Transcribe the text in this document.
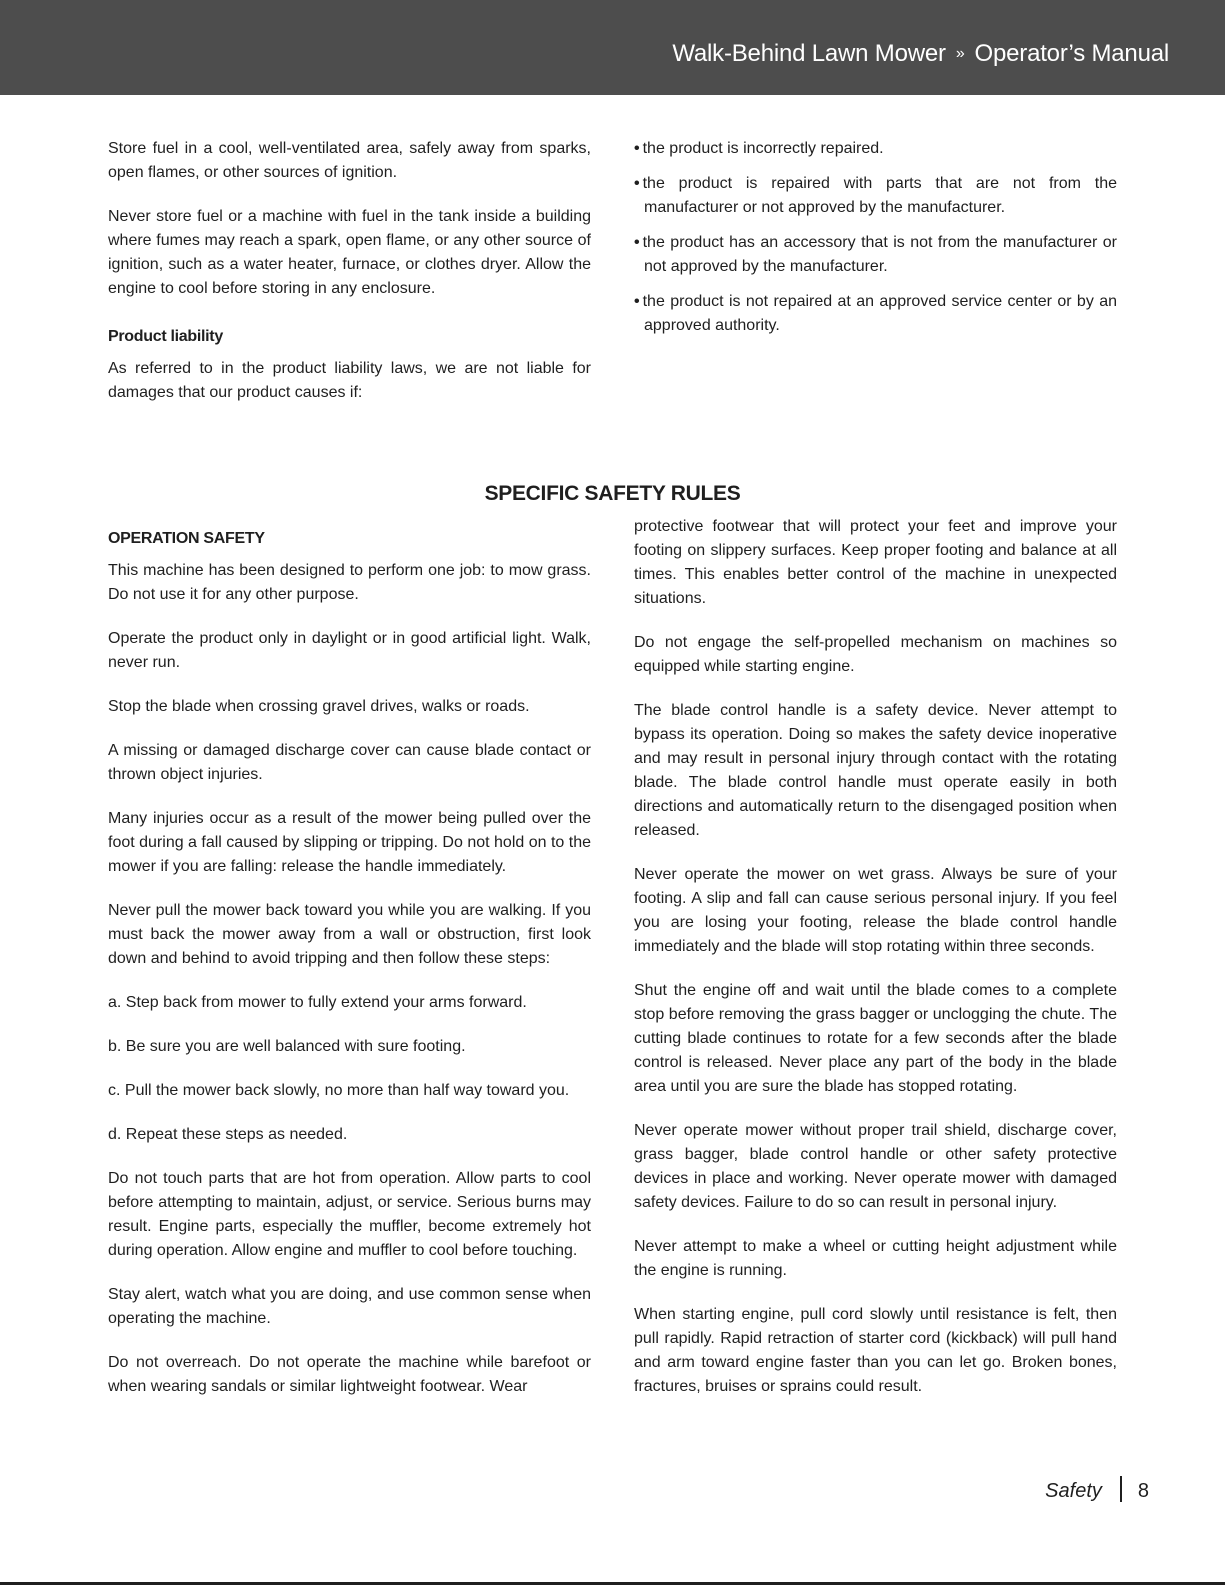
Walk-Behind Lawn Mower » Operator’s Manual

Store fuel in a cool, well-ventilated area, safely away from sparks, open flames, or other sources of ignition.

Never store fuel or a machine with fuel in the tank inside a building where fumes may reach a spark, open flame, or any other source of ignition, such as a water heater, furnace, or clothes dryer. Allow the engine to cool before storing in any enclosure.

Product liability

As referred to in the product liability laws, we are not liable for damages that our product causes if:

• the product is incorrectly repaired.
• the product is repaired with parts that are not from the manufacturer or not approved by the manufacturer.
• the product has an accessory that is not from the manufacturer or not approved by the manufacturer.
• the product is not repaired at an approved service center or by an approved authority.
SPECIFIC SAFETY RULES
OPERATION SAFETY

This machine has been designed to perform one job: to mow grass. Do not use it for any other purpose.

Operate the product only in daylight or in good artificial light. Walk, never run.

Stop the blade when crossing gravel drives, walks or roads.

A missing or damaged discharge cover can cause blade contact or thrown object injuries.

Many injuries occur as a result of the mower being pulled over the foot during a fall caused by slipping or tripping. Do not hold on to the mower if you are falling: release the handle immediately.

Never pull the mower back toward you while you are walking. If you must back the mower away from a wall or obstruction, first look down and behind to avoid tripping and then follow these steps:

a. Step back from mower to fully extend your arms forward.

b. Be sure you are well balanced with sure footing.

c. Pull the mower back slowly, no more than half way toward you.

d. Repeat these steps as needed.

Do not touch parts that are hot from operation. Allow parts to cool before attempting to maintain, adjust, or service. Serious burns may result. Engine parts, especially the muffler, become extremely hot during operation. Allow engine and muffler to cool before touching.

Stay alert, watch what you are doing, and use common sense when operating the machine.

Do not overreach. Do not operate the machine while barefoot or when wearing sandals or similar lightweight footwear. Wear

protective footwear that will protect your feet and improve your footing on slippery surfaces. Keep proper footing and balance at all times. This enables better control of the machine in unexpected situations.

Do not engage the self-propelled mechanism on machines so equipped while starting engine.

The blade control handle is a safety device. Never attempt to bypass its operation. Doing so makes the safety device inoperative and may result in personal injury through contact with the rotating blade. The blade control handle must operate easily in both directions and automatically return to the disengaged position when released.

Never operate the mower on wet grass. Always be sure of your footing. A slip and fall can cause serious personal injury. If you feel you are losing your footing, release the blade control handle immediately and the blade will stop rotating within three seconds.

Shut the engine off and wait until the blade comes to a complete stop before removing the grass bagger or unclogging the chute. The cutting blade continues to rotate for a few seconds after the blade control is released. Never place any part of the body in the blade area until you are sure the blade has stopped rotating.

Never operate mower without proper trail shield, discharge cover, grass bagger, blade control handle or other safety protective devices in place and working. Never operate mower with damaged safety devices. Failure to do so can result in personal injury.

Never attempt to make a wheel or cutting height adjustment while the engine is running.

When starting engine, pull cord slowly until resistance is felt, then pull rapidly. Rapid retraction of starter cord (kickback) will pull hand and arm toward engine faster than you can let go. Broken bones, fractures, bruises or sprains could result.

Safety 8
